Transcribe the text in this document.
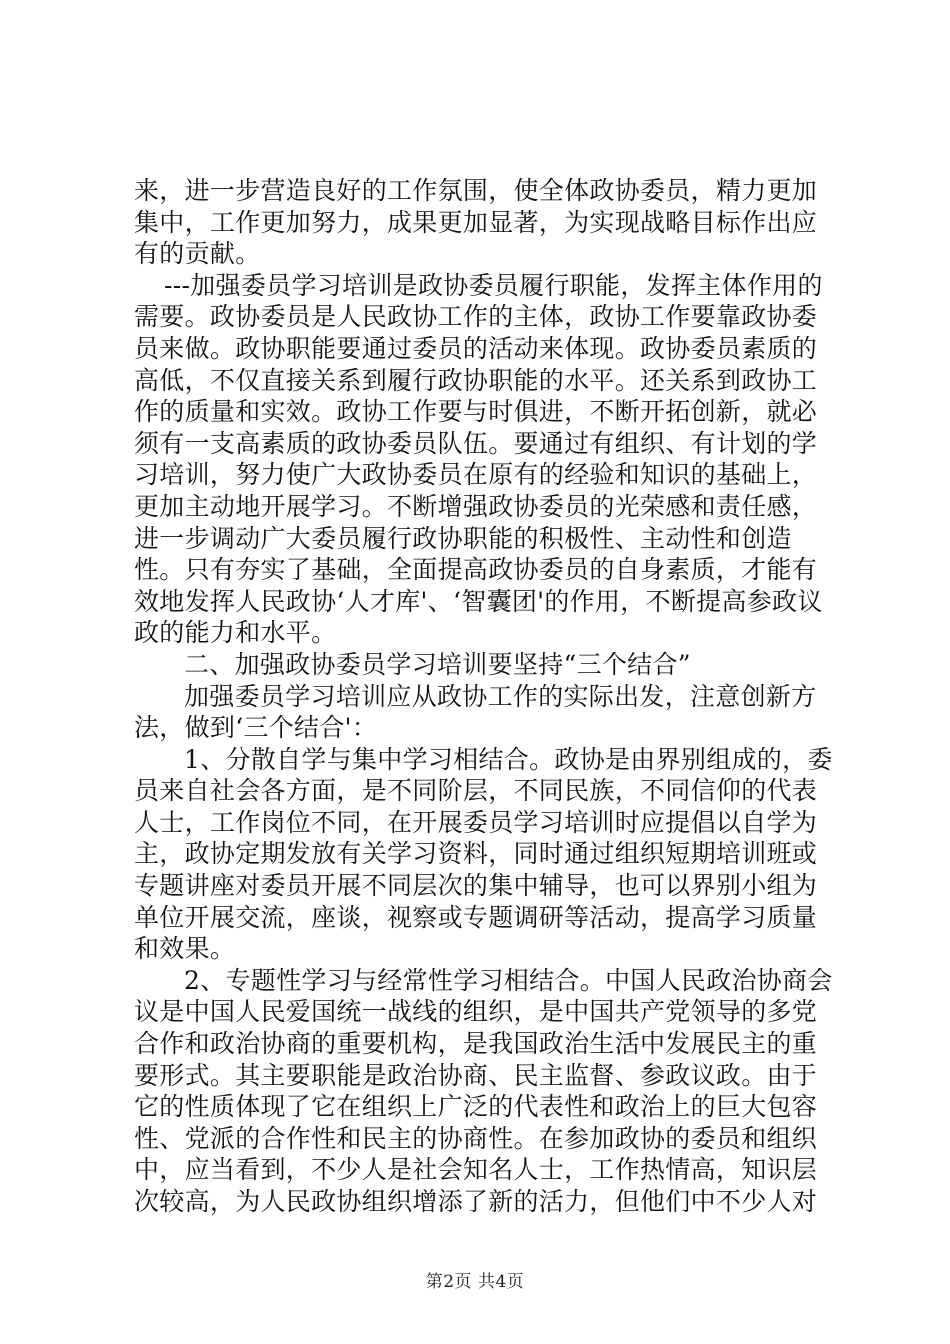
来，进一步营造良好的工作氛围，使全体政协委员，精力更加集中，工作更加努力，成果更加显著，为实现战略目标作出应有的贡献。

---加强委员学习培训是政协委员履行职能，发挥主体作用的需要。政协委员是人民政协工作的主体，政协工作要靠政协委员来做。政协职能要通过委员的活动来体现。政协委员素质的高低，不仅直接关系到履行政协职能的水平。还关系到政协工作的质量和实效。政协工作要与时俱进，不断开拓创新，就必须有一支高素质的政协委员队伍。要通过有组织、有计划的学习培训，努力使广大政协委员在原有的经验和知识的基础上，更加主动地开展学习。不断增强政协委员的光荣感和责任感，进一步调动广大委员履行政协职能的积极性、主动性和创造性。只有夯实了基础，全面提高政协委员的自身素质，才能有效地发挥人民政协‘人才库'、‘智囊团'的作用，不断提高参政议政的能力和水平。

二、加强政协委员学习培训要坚持“三个结合”

加强委员学习培训应从政协工作的实际出发，注意创新方法，做到‘三个结合'：

1、分散自学与集中学习相结合。政协是由界别组成的，委员来自社会各方面，是不同阶层，不同民族，不同信仰的代表人士，工作岗位不同，在开展委员学习培训时应提倡以自学为主，政协定期发放有关学习资料，同时通过组织短期培训班或专题讲座对委员开展不同层次的集中辅导，也可以界别小组为单位开展交流，座谈，视察或专题调研等活动，提高学习质量和效果。

2、专题性学习与经常性学习相结合。中国人民政治协商会议是中国人民爱国统一战线的组织，是中国共产党领导的多党合作和政治协商的重要机构，是我国政治生活中发展民主的重要形式。其主要职能是政治协商、民主监督、参政议政。由于它的性质体现了它在组织上广泛的代表性和政治上的巨大包容性、党派的合作性和民主的协商性。在参加政协的委员和组织中，应当看到，不少人是社会知名人士，工作热情高，知识层次较高，为人民政协组织增添了新的活力，但他们中不少人对

第2页 共4页
